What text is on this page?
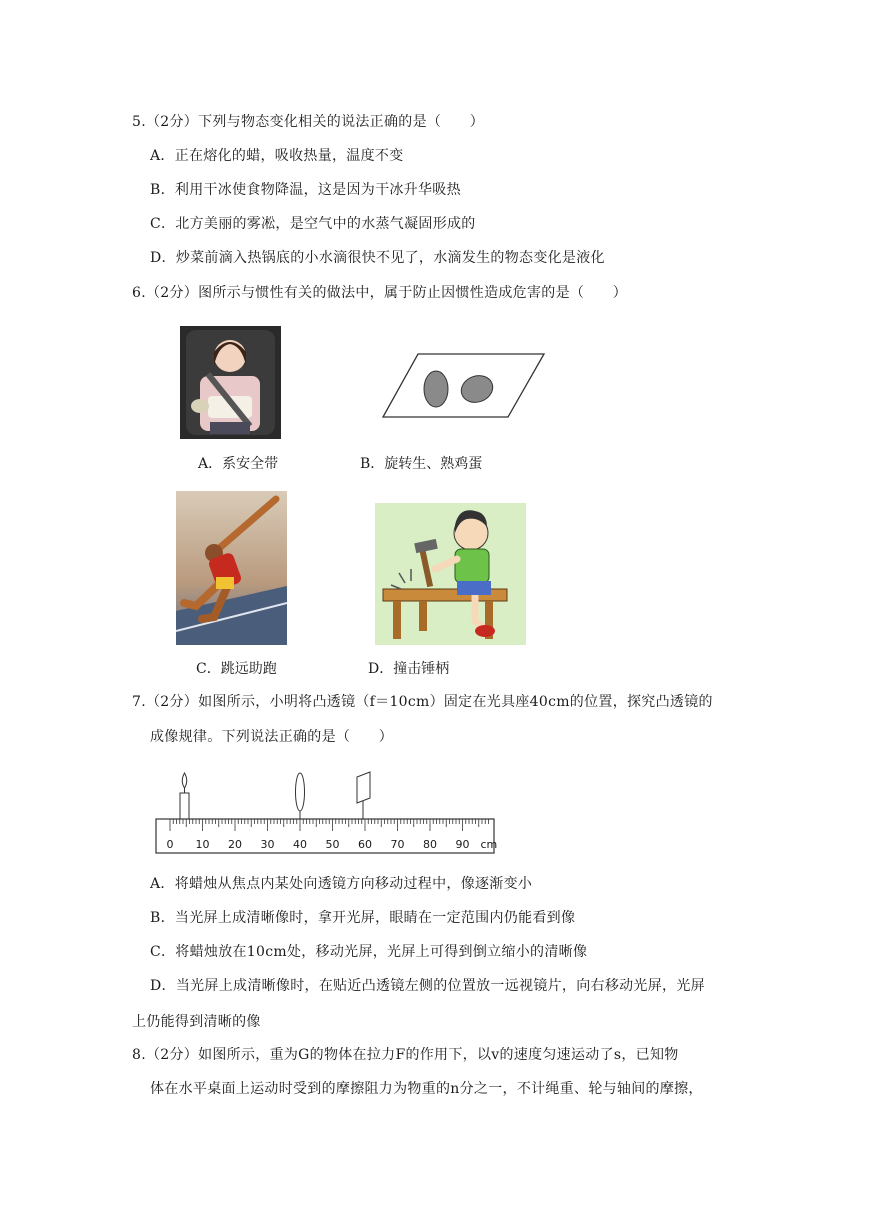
5.（2分）下列与物态变化相关的说法正确的是（　　）
A．正在熔化的蜡，吸收热量，温度不变
B．利用干冰使食物降温，这是因为干冰升华吸热
C．北方美丽的雾凇，是空气中的水蒸气凝固形成的
D．炒菜前滴入热锅底的小水滴很快不见了，水滴发生的物态变化是液化
6.（2分）图所示与惯性有关的做法中，属于防止因惯性造成危害的是（　　）
A．系安全带	B．旋转生、熟鸡蛋
C．跳远助跑	D．撞击锤柄
7.（2分）如图所示，小明将凸透镜（f＝10cm）固定在光具座40cm的位置，探究凸透镜的
成像规律。下列说法正确的是（　　）
0 10 20 30 40 50 60 70 80 90 cm
A．将蜡烛从焦点内某处向透镜方向移动过程中，像逐渐变小
B．当光屏上成清晰像时，拿开光屏，眼睛在一定范围内仍能看到像
C．将蜡烛放在10cm处，移动光屏，光屏上可得到倒立缩小的清晰像
D．当光屏上成清晰像时，在贴近凸透镜左侧的位置放一远视镜片，向右移动光屏，光屏
上仍能得到清晰的像
8.（2分）如图所示，重为G的物体在拉力F的作用下，以v的速度匀速运动了s，已知物
体在水平桌面上运动时受到的摩擦阻力为物重的n分之一，不计绳重、轮与轴间的摩擦，
